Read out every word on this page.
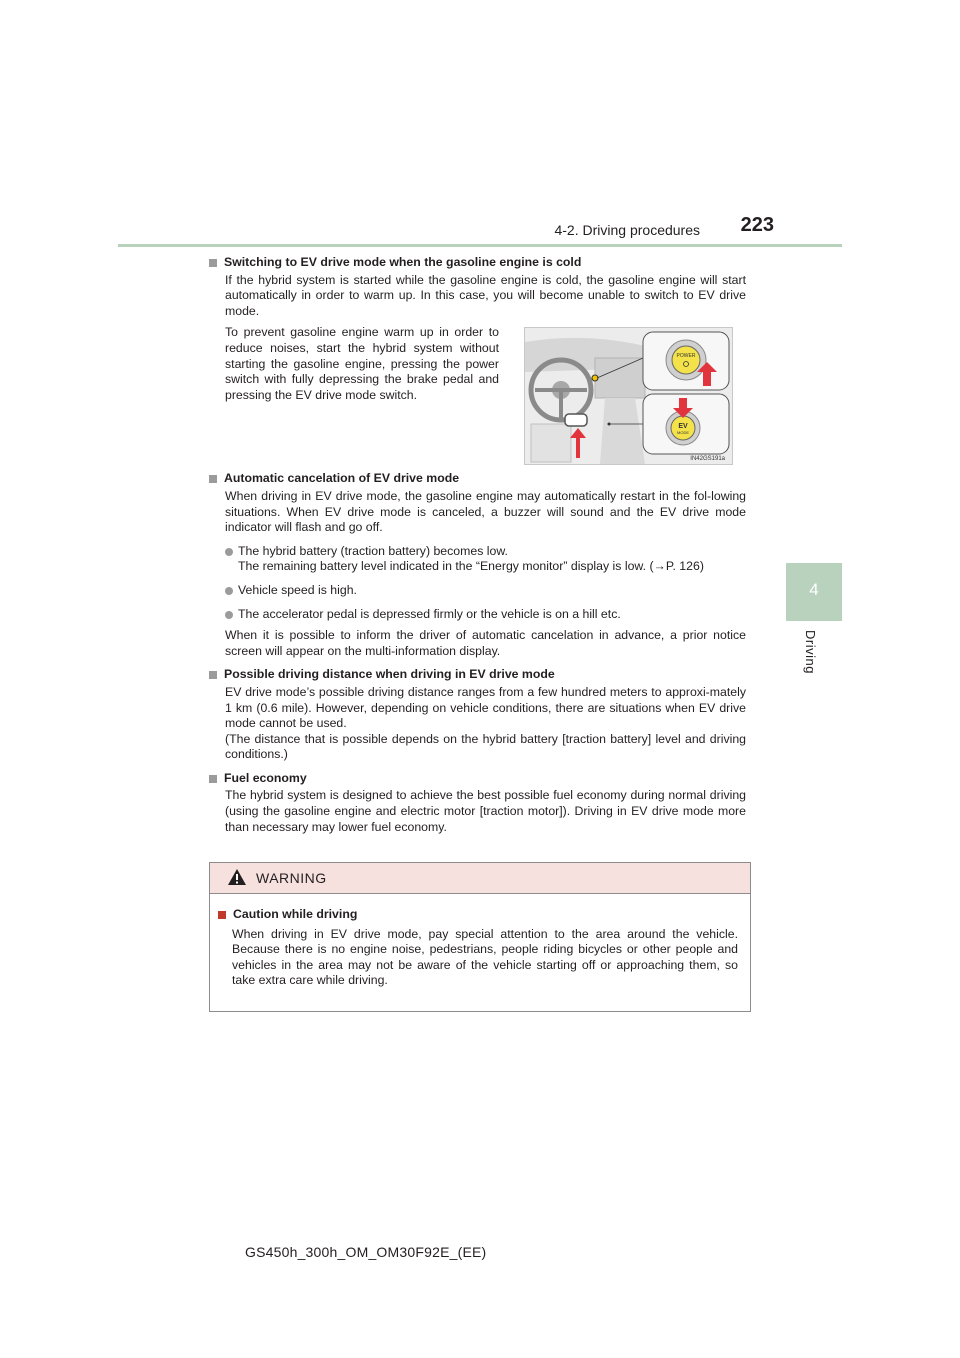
4-2. Driving procedures 223
4
Driving

Switching to EV drive mode when the gasoline engine is cold

If the hybrid system is started while the gasoline engine is cold, the gasoline engine will start automatically in order to warm up. In this case, you will become unable to switch to EV drive mode.

To prevent gasoline engine warm up in order to reduce noises, start the hybrid system without starting the gasoline engine, pressing the power switch with fully depressing the brake pedal and pressing the EV drive mode switch.
POWER
EV
MODE
IN42GS191a

Automatic cancelation of EV drive mode

When driving in EV drive mode, the gasoline engine may automatically restart in the fol-lowing situations. When EV drive mode is canceled, a buzzer will sound and the EV drive mode indicator will flash and go off.

The hybrid battery (traction battery) becomes low.
The remaining battery level indicated in the “Energy monitor” display is low. (→P. 126)
Vehicle speed is high.
The accelerator pedal is depressed firmly or the vehicle is on a hill etc.

When it is possible to inform the driver of automatic cancelation in advance, a prior notice screen will appear on the multi-information display.

Possible driving distance when driving in EV drive mode

EV drive mode’s possible driving distance ranges from a few hundred meters to approxi-mately 1 km (0.6 mile). However, depending on vehicle conditions, there are situations when EV drive mode cannot be used.

(The distance that is possible depends on the hybrid battery [traction battery] level and driving conditions.)

Fuel economy

The hybrid system is designed to achieve the best possible fuel economy during normal driving (using the gasoline engine and electric motor [traction motor]). Driving in EV drive mode more than necessary may lower fuel economy.

WARNING

Caution while driving

When driving in EV drive mode, pay special attention to the area around the vehicle. Because there is no engine noise, pedestrians, people riding bicycles or other people and vehicles in the area may not be aware of the vehicle starting off or approaching them, so take extra care while driving.

GS450h_300h_OM_OM30F92E_(EE)
